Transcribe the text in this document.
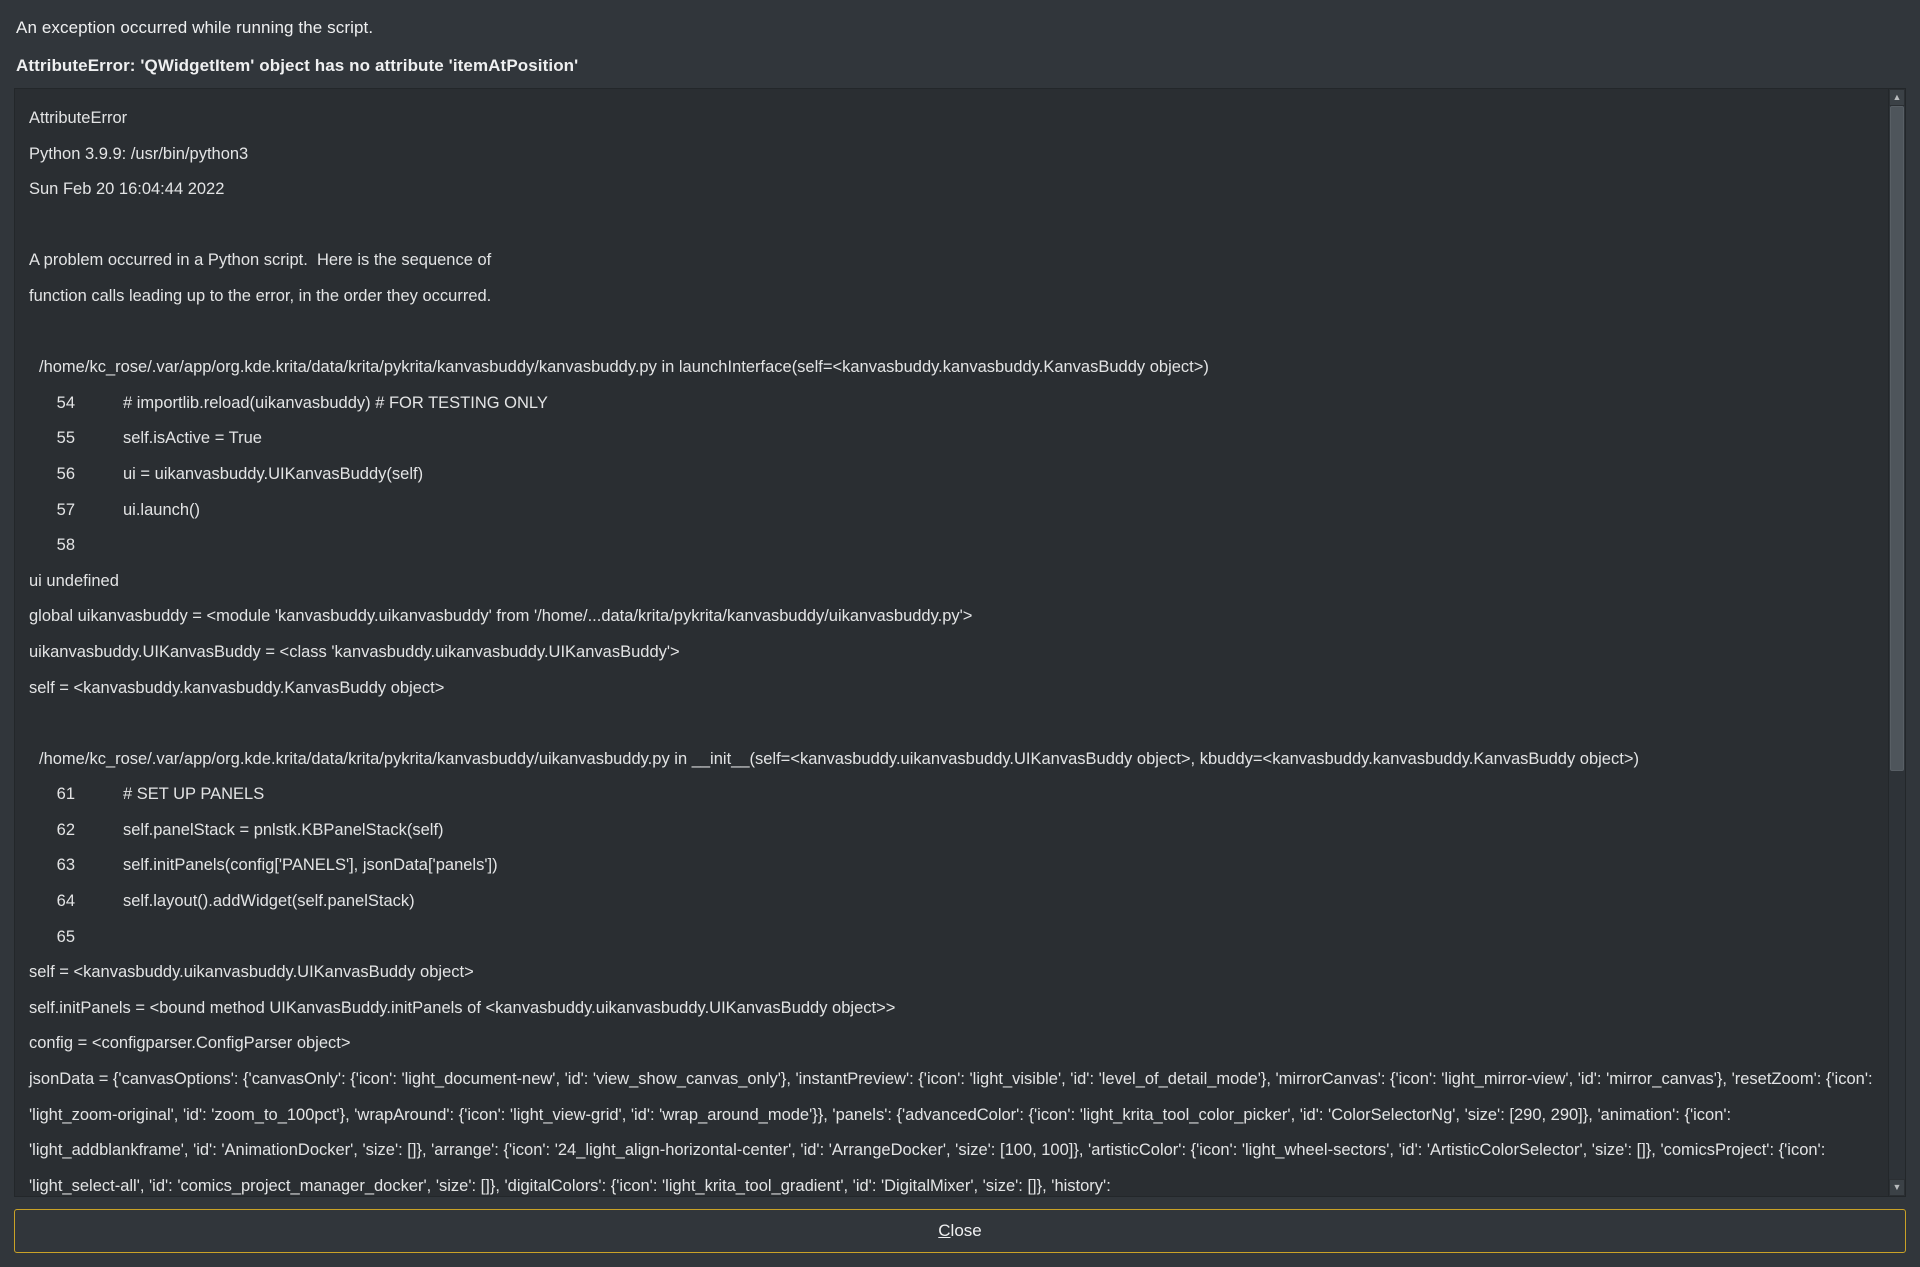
An exception occurred while running the script.
AttributeError: 'QWidgetItem' object has no attribute 'itemAtPosition'
AttributeError
Python 3.9.9: /usr/bin/python3
Sun Feb 20 16:04:44 2022
A problem occurred in a Python script.  Here is the sequence of
function calls leading up to the error, in the order they occurred.
/home/kc_rose/.var/app/org.kde.krita/data/krita/pykrita/kanvasbuddy/kanvasbuddy.py in launchInterface(self=<kanvasbuddy.kanvasbuddy.KanvasBuddy object>)
54	# importlib.reload(uikanvasbuddy) # FOR TESTING ONLY
55	self.isActive = True
56	ui = uikanvasbuddy.UIKanvasBuddy(self)
57	ui.launch()
58
ui undefined
global uikanvasbuddy = <module 'kanvasbuddy.uikanvasbuddy' from '/home/...data/krita/pykrita/kanvasbuddy/uikanvasbuddy.py'>
uikanvasbuddy.UIKanvasBuddy = <class 'kanvasbuddy.uikanvasbuddy.UIKanvasBuddy'>
self = <kanvasbuddy.kanvasbuddy.KanvasBuddy object>
/home/kc_rose/.var/app/org.kde.krita/data/krita/pykrita/kanvasbuddy/uikanvasbuddy.py in __init__(self=<kanvasbuddy.uikanvasbuddy.UIKanvasBuddy object>, kbuddy=<kanvasbuddy.kanvasbuddy.KanvasBuddy object>)
61	# SET UP PANELS
62	self.panelStack = pnlstk.KBPanelStack(self)
63	self.initPanels(config['PANELS'], jsonData['panels'])
64	self.layout().addWidget(self.panelStack)
65
self = <kanvasbuddy.uikanvasbuddy.UIKanvasBuddy object>
self.initPanels = <bound method UIKanvasBuddy.initPanels of <kanvasbuddy.uikanvasbuddy.UIKanvasBuddy object>>
config = <configparser.ConfigParser object>
jsonData = {'canvasOptions': {'canvasOnly': {'icon': 'light_document-new', 'id': 'view_show_canvas_only'}, 'instantPreview': {'icon': 'light_visible', 'id': 'level_of_detail_mode'}, 'mirrorCanvas': {'icon': 'light_mirror-view', 'id': 'mirror_canvas'}, 'resetZoom': {'icon': 'light_zoom-original', 'id': 'zoom_to_100pct'}, 'wrapAround': {'icon': 'light_view-grid', 'id': 'wrap_around_mode'}}, 'panels': {'advancedColor': {'icon': 'light_krita_tool_color_picker', 'id': 'ColorSelectorNg', 'size': [290, 290]}, 'animation': {'icon': 'light_addblankframe', 'id': 'AnimationDocker', 'size': []}, 'arrange': {'icon': '24_light_align-horizontal-center', 'id': 'ArrangeDocker', 'size': [100, 100]}, 'artisticColor': {'icon': 'light_wheel-sectors', 'id': 'ArtisticColorSelector', 'size': []}, 'comicsProject': {'icon': 'light_select-all', 'id': 'comics_project_manager_docker', 'size': []}, 'digitalColors': {'icon': 'light_krita_tool_gradient', 'id': 'DigitalMixer', 'size': []}, 'history':
▲
▼
Close
